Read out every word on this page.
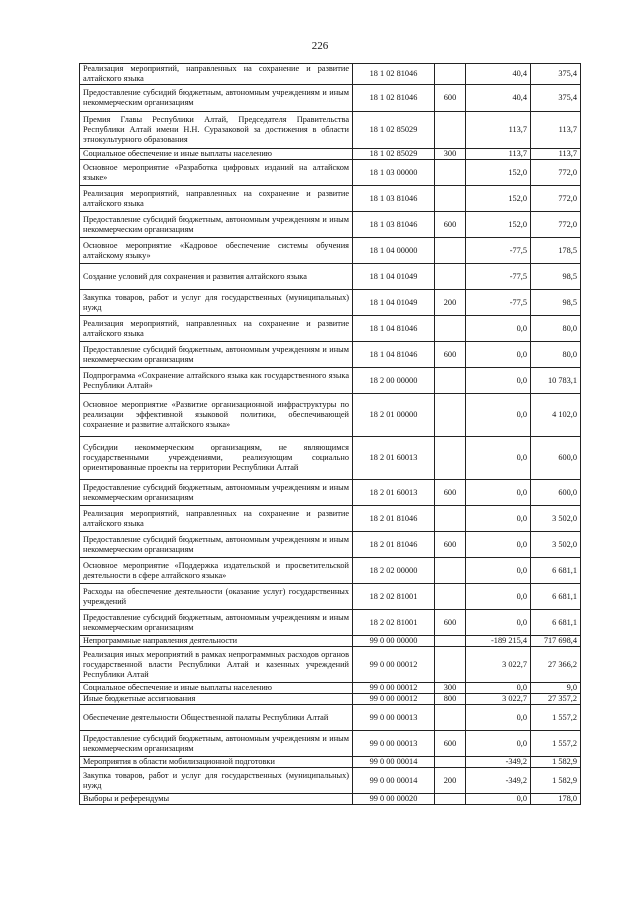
226
Реализация мероприятий, направленных на сохранение и развитие алтайского языка	18 1 02 81046		40,4	375,4
Предоставление субсидий бюджетным, автономным учреждениям и иным некоммерческим организациям	18 1 02 81046	600	40,4	375,4
Премия Главы Республики Алтай, Председателя Правительства Республики Алтай имени Н.Н. Суразаковой за достижения в области этнокультурного образования	18 1 02 85029		113,7	113,7
Социальное обеспечение и иные выплаты населению	18 1 02 85029	300	113,7	113,7
Основное мероприятие «Разработка цифровых изданий на алтайском языке»	18 1 03 00000		152,0	772,0
Реализация мероприятий, направленных на сохранение и развитие алтайского языка	18 1 03 81046		152,0	772,0
Предоставление субсидий бюджетным, автономным учреждениям и иным некоммерческим организациям	18 1 03 81046	600	152,0	772,0
Основное мероприятие «Кадровое обеспечение системы обучения алтайскому языку»	18 1 04 00000		-77,5	178,5
Создание условий для сохранения и развития алтайского языка	18 1 04 01049		-77,5	98,5
Закупка товаров, работ и услуг для государственных (муниципальных) нужд	18 1 04 01049	200	-77,5	98,5
Реализация мероприятий, направленных на сохранение и развитие алтайского языка	18 1 04 81046		0,0	80,0
Предоставление субсидий бюджетным, автономным учреждениям и иным некоммерческим организациям	18 1 04 81046	600	0,0	80,0
Подпрограмма «Сохранение алтайского языка как государственного языка Республики Алтай»	18 2 00 00000		0,0	10 783,1
Основное мероприятие «Развитие организационной инфраструктуры по реализации эффективной языковой политики, обеспечивающей сохранение и развитие алтайского языка»	18 2 01 00000		0,0	4 102,0
Субсидии некоммерческим организациям, не являющимся государственными учреждениями, реализующим социально ориентированные проекты на территории Республики Алтай	18 2 01 60013		0,0	600,0
Предоставление субсидий бюджетным, автономным учреждениям и иным некоммерческим организациям	18 2 01 60013	600	0,0	600,0
Реализация мероприятий, направленных на сохранение и развитие алтайского языка	18 2 01 81046		0,0	3 502,0
Предоставление субсидий бюджетным, автономным учреждениям и иным некоммерческим организациям	18 2 01 81046	600	0,0	3 502,0
Основное мероприятие «Поддержка издательской и просветительской деятельности в сфере алтайского языка»	18 2 02 00000		0,0	6 681,1
Расходы на обеспечение деятельности (оказание услуг) государственных учреждений	18 2 02 81001		0,0	6 681,1
Предоставление субсидий бюджетным, автономным учреждениям и иным некоммерческим организациям	18 2 02 81001	600	0,0	6 681,1
Непрограммные направления деятельности	99 0 00 00000		-189 215,4	717 698,4
Реализация иных мероприятий в рамках непрограммных расходов органов государственной власти Республики Алтай и казенных учреждений Республики Алтай	99 0 00 00012		3 022,7	27 366,2
Социальное обеспечение и иные выплаты населению	99 0 00 00012	300	0,0	9,0
Иные бюджетные ассигнования	99 0 00 00012	800	3 022,7	27 357,2
Обеспечение деятельности Общественной палаты Республики Алтай	99 0 00 00013		0,0	1 557,2
Предоставление субсидий бюджетным, автономным учреждениям и иным некоммерческим организациям	99 0 00 00013	600	0,0	1 557,2
Мероприятия в области мобилизационной подготовки	99 0 00 00014		-349,2	1 582,9
Закупка товаров, работ и услуг для государственных (муниципальных) нужд	99 0 00 00014	200	-349,2	1 582,9
Выборы и референдумы	99 0 00 00020		0,0	178,0
